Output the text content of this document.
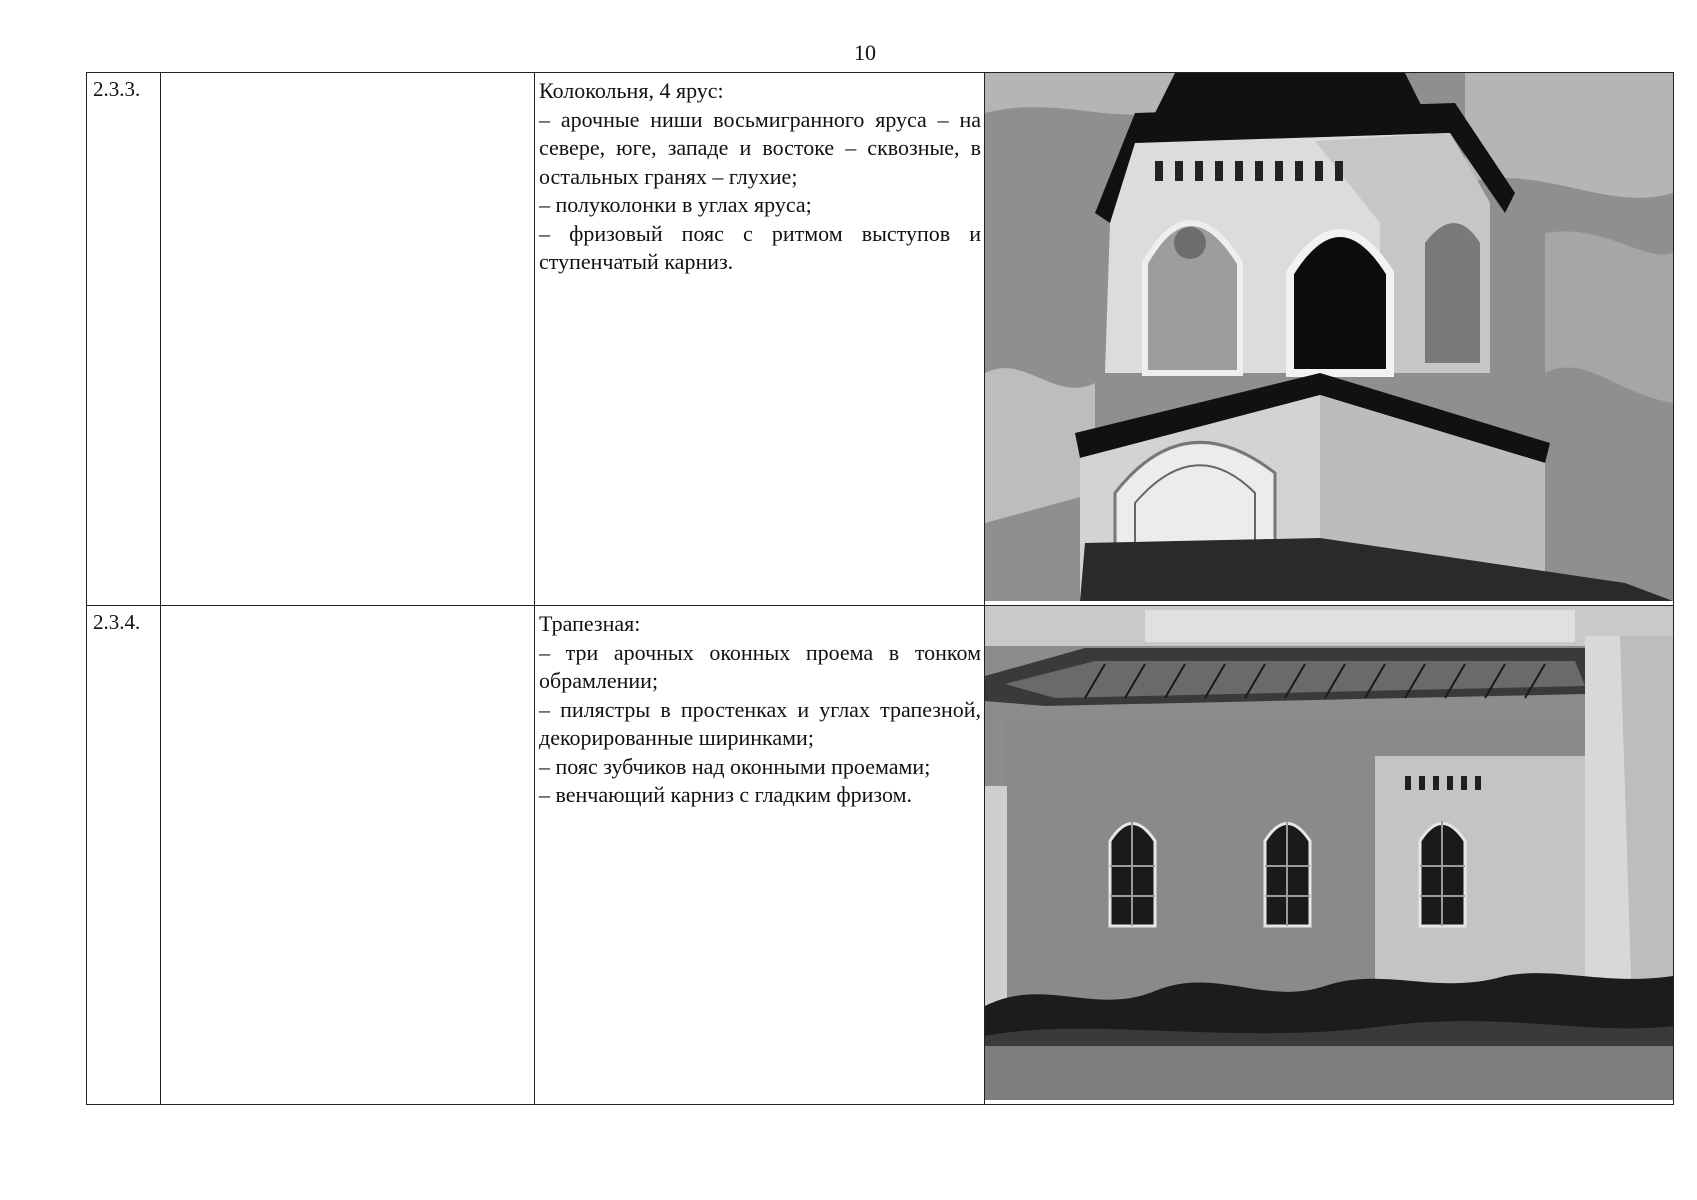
10
2.3.3.		Колокольня, 4 ярус:

– арочные ниши восьмигранного яруса – на севере, юге, западе и востоке – сквозные, в остальных гранях – глухие;

– полуколонки в углах яруса;

– фризовый пояс с ритмом выступов и ступенчатый карниз.

2.3.4.		Трапезная:

– три арочных оконных проема в тонком обрамлении;

– пилястры в простенках и углах трапезной, декорированные ширинками;

– пояс зубчиков над оконными проемами;

– венчающий карниз с гладким фризом.
